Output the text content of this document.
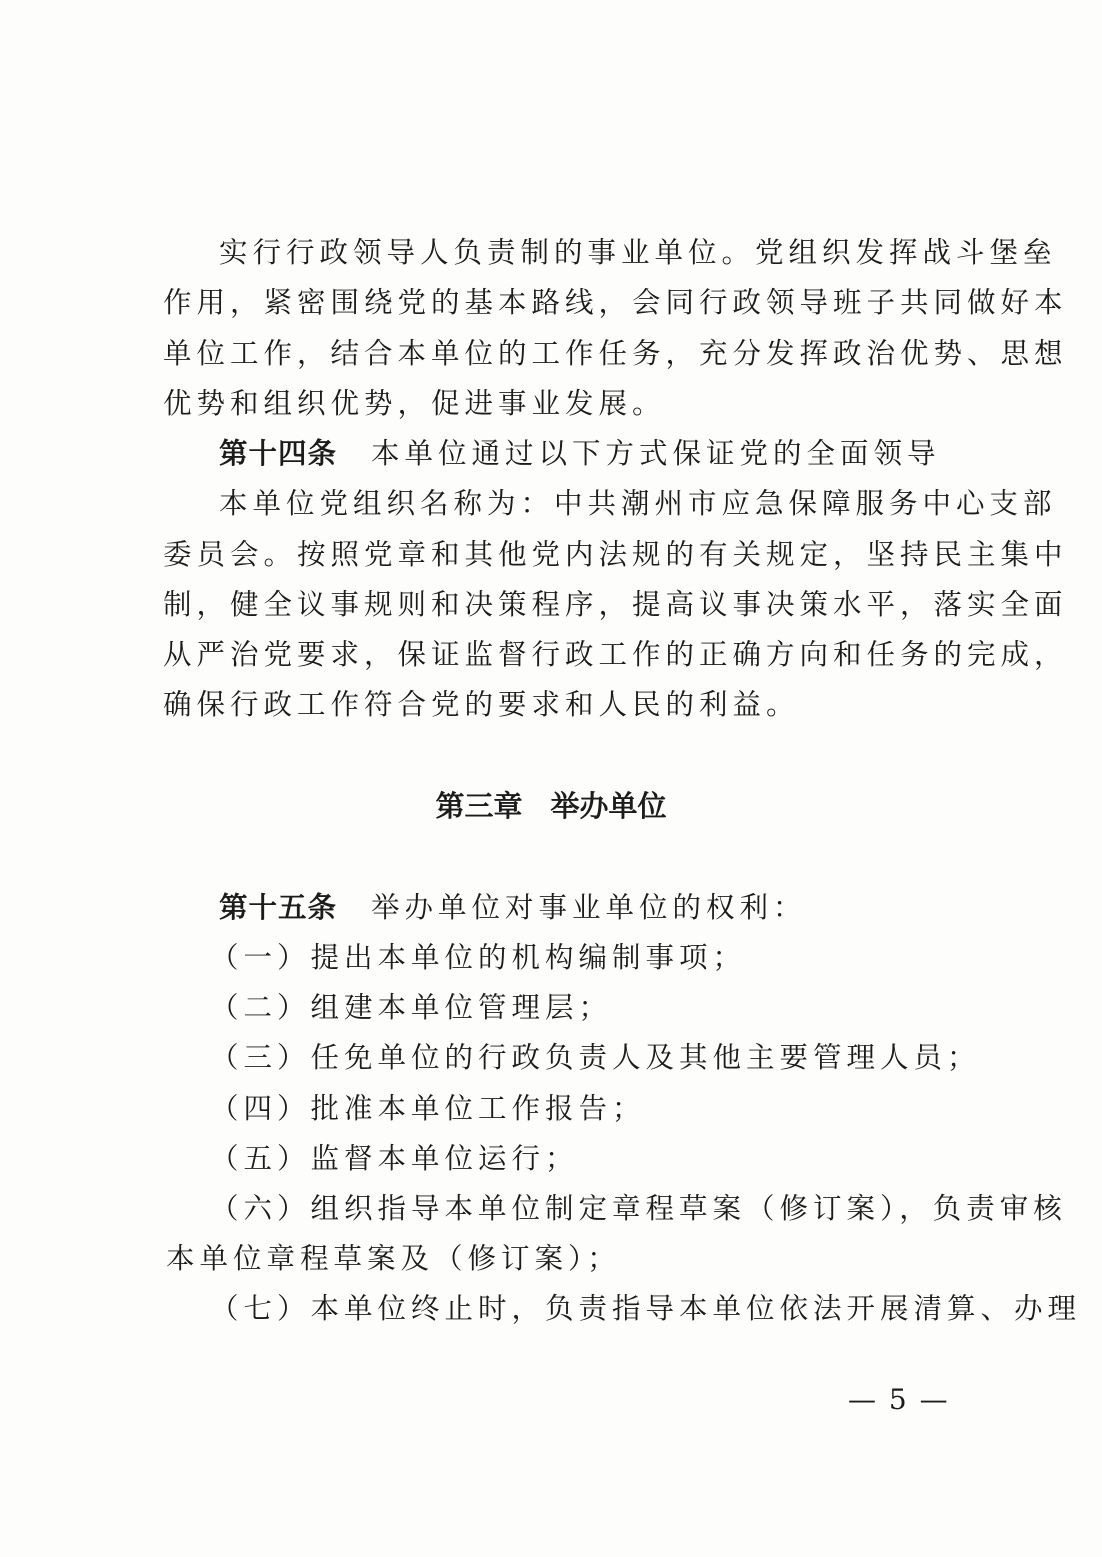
实行行政领导人负责制的事业单位。党组织发挥战斗堡垒
作用，紧密围绕党的基本路线，会同行政领导班子共同做好本
单位工作，结合本单位的工作任务，充分发挥政治优势、思想
优势和组织优势，促进事业发展。
第十四条 本单位通过以下方式保证党的全面领导
本单位党组织名称为：中共潮州市应急保障服务中心支部
委员会。按照党章和其他党内法规的有关规定，坚持民主集中
制，健全议事规则和决策程序，提高议事决策水平，落实全面
从严治党要求，保证监督行政工作的正确方向和任务的完成，
确保行政工作符合党的要求和人民的利益。
第三章 举办单位
第十五条 举办单位对事业单位的权利：
（一）提出本单位的机构编制事项；
（二）组建本单位管理层；
（三）任免单位的行政负责人及其他主要管理人员；
（四）批准本单位工作报告；
（五）监督本单位运行；
（六）组织指导本单位制定章程草案（修订案），负责审核
本单位章程草案及（修订案）；
（七）本单位终止时，负责指导本单位依法开展清算、办理
— 5 —
